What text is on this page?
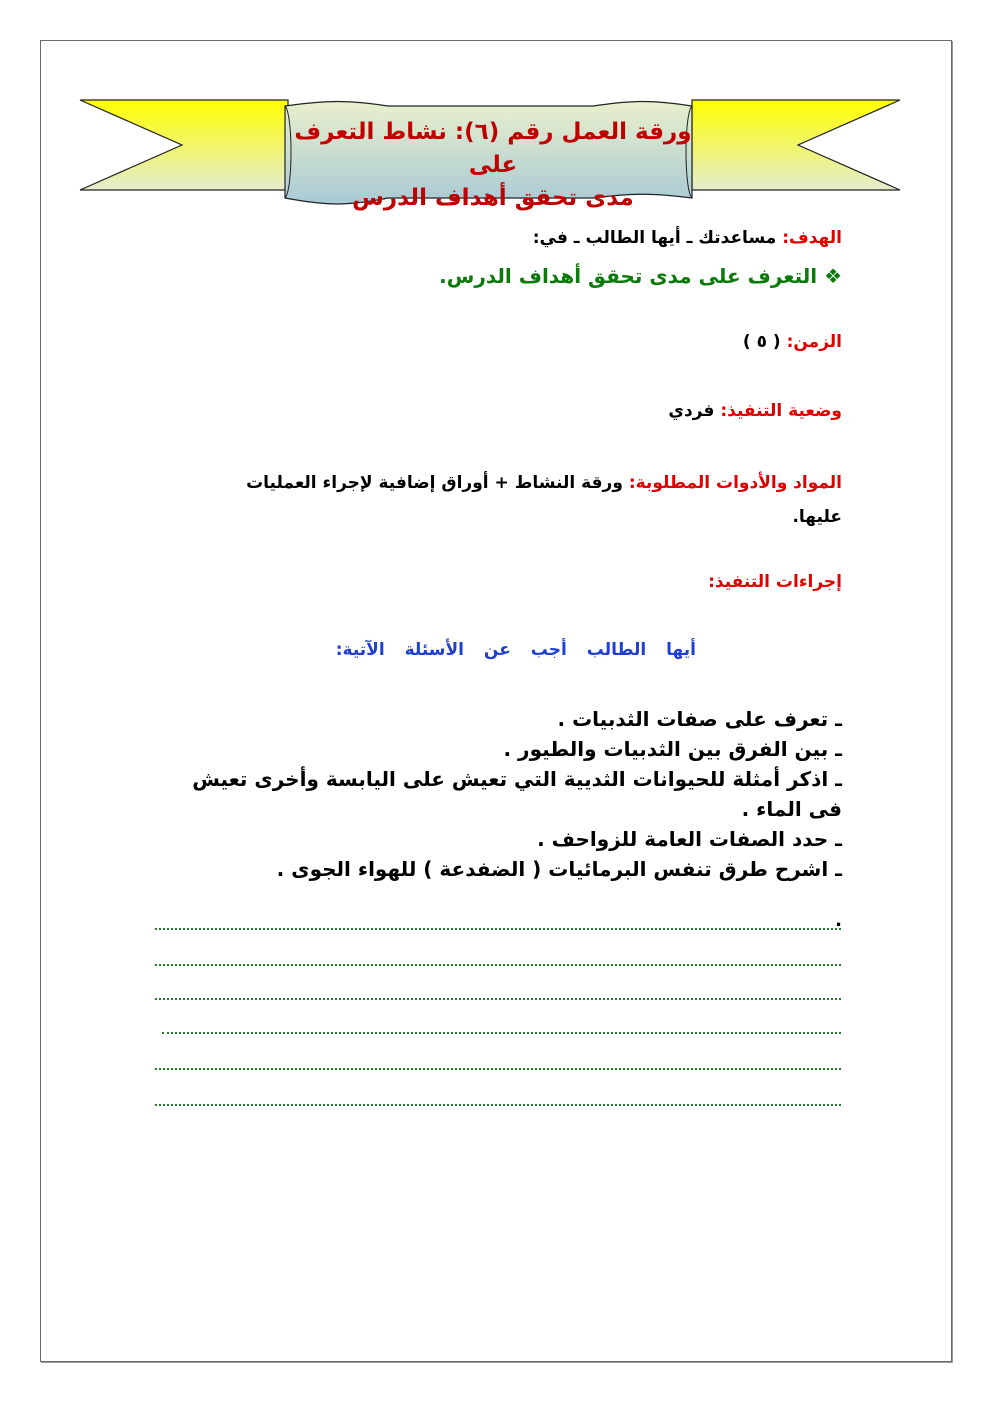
ورقة العمل رقم (٦): نشاط التعرف على
مدى تحقق أهداف الدرس
الهدف: مساعدتك ـ أيها الطالب ـ في:
❖ التعرف على مدى تحقق أهداف الدرس.
الزمن: ( ٥ )
وضعية التنفيذ: فردي
المواد والأدوات المطلوبة: ورقة النشاط + أوراق إضافية لإجراء العمليات عليها.
إجراءات التنفيذ:
أيها الطالب أجب عن الأسئلة الآتية:
ـ تعرف على صفات الثدبيات .
ـ بين الفرق بين الثدبيات والطيور .
ـ اذكر أمثلة للحيوانات الثديية التي تعيش على اليابسة وأخرى تعيش فى الماء .
ـ حدد الصفات العامة للزواحف .
ـ اشرح طرق تنفس البرمائيات ( الضفدعة ) للهواء الجوى .
.
